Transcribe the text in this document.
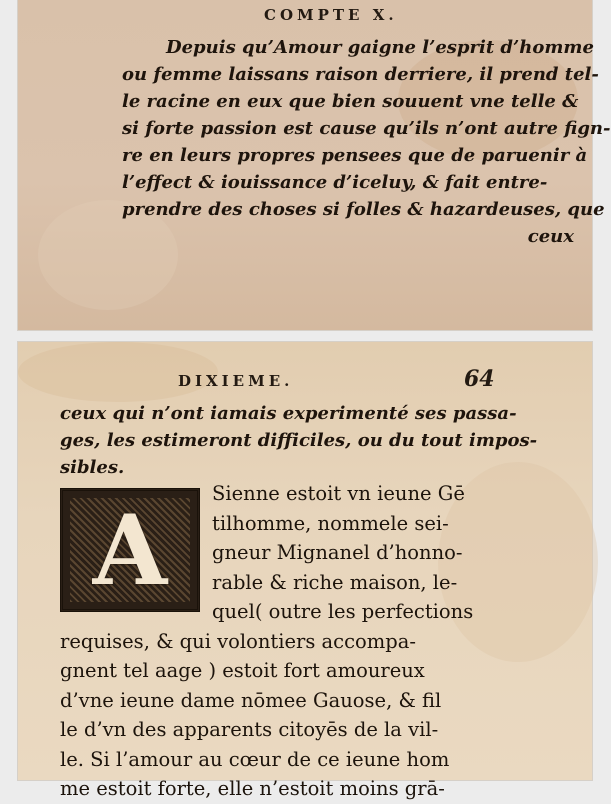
COMPTE X.
Depuis qu’Amour gaigne l’esprit d’homme
ou femme laissans raison derriere, il prend tel-
le racine en eux que bien souuent vne telle &
si forte passion est cause qu’ils n’ont autre fign-
re en leurs propres pensees que de paruenir à
l’effect & iouissance d’iceluy, & fait entre-
prendre des choses si folles & hazardeuses, que
ceux
DIXIEME.	64
ceux qui n’ont iamais experimenté ses passa-
ges, les estimeront difficiles, ou du tout impos-
sibles.
A	Sienne estoit vn ieune Gē
tilhomme, nommele sei-
gneur Mignanel d’honno-
rable & riche maison, le-
quel( outre les perfections
requises, & qui volontiers accompa-
gnent tel aage ) estoit fort amoureux
d’vne ieune dame nōmee Gauose, & fil
le d’vn des apparents citoyēs de la vil-
le. Si l’amour au cœur de ce ieune hom
me estoit forte, elle n’estoit moins grā-
